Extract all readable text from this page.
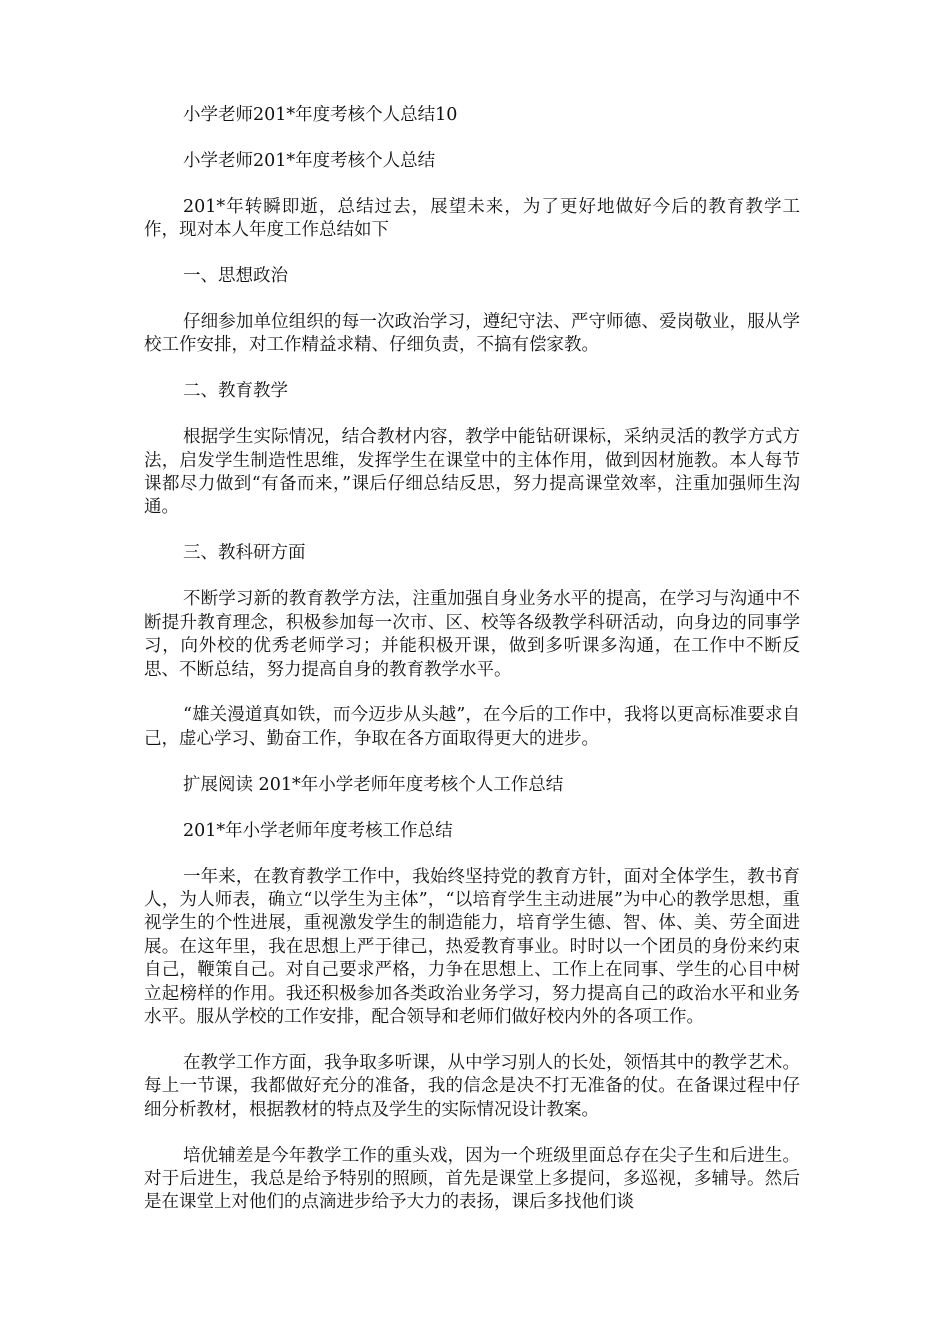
小学老师201*年度考核个人总结10

小学老师201*年度考核个人总结

201*年转瞬即逝，总结过去，展望未来，为了更好地做好今后的教育教学工作，现对本人年度工作总结如下

一、思想政治

仔细参加单位组织的每一次政治学习，遵纪守法、严守师德、爱岗敬业，服从学校工作安排，对工作精益求精、仔细负责，不搞有偿家教。

二、教育教学

根据学生实际情况，结合教材内容，教学中能钻研课标，采纳灵活的教学方式方法，启发学生制造性思维，发挥学生在课堂中的主体作用，做到因材施教。本人每节课都尽力做到“有备而来，”课后仔细总结反思，努力提高课堂效率，注重加强师生沟通。

三、教科研方面

不断学习新的教育教学方法，注重加强自身业务水平的提高，在学习与沟通中不断提升教育理念，积极参加每一次市、区、校等各级教学科研活动，向身边的同事学习，向外校的优秀老师学习；并能积极开课，做到多听课多沟通，在工作中不断反思、不断总结，努力提高自身的教育教学水平。

“雄关漫道真如铁，而今迈步从头越”，在今后的工作中，我将以更高标准要求自己，虚心学习、勤奋工作，争取在各方面取得更大的进步。

扩展阅读 201*年小学老师年度考核个人工作总结

201*年小学老师年度考核工作总结

一年来，在教育教学工作中，我始终坚持党的教育方针，面对全体学生，教书育人，为人师表，确立“以学生为主体”，“以培育学生主动进展”为中心的教学思想，重视学生的个性进展，重视激发学生的制造能力，培育学生德、智、体、美、劳全面进展。在这年里，我在思想上严于律己，热爱教育事业。时时以一个团员的身份来约束自己，鞭策自己。对自己要求严格，力争在思想上、工作上在同事、学生的心目中树立起榜样的作用。我还积极参加各类政治业务学习，努力提高自己的政治水平和业务水平。服从学校的工作安排，配合领导和老师们做好校内外的各项工作。

在教学工作方面，我争取多听课，从中学习别人的长处，领悟其中的教学艺术。每上一节课，我都做好充分的准备，我的信念是决不打无准备的仗。在备课过程中仔细分析教材，根据教材的特点及学生的实际情况设计教案。

培优辅差是今年教学工作的重头戏，因为一个班级里面总存在尖子生和后进生。对于后进生，我总是给予特别的照顾，首先是课堂上多提问，多巡视，多辅导。然后是在课堂上对他们的点滴进步给予大力的表扬，课后多找他们谈
